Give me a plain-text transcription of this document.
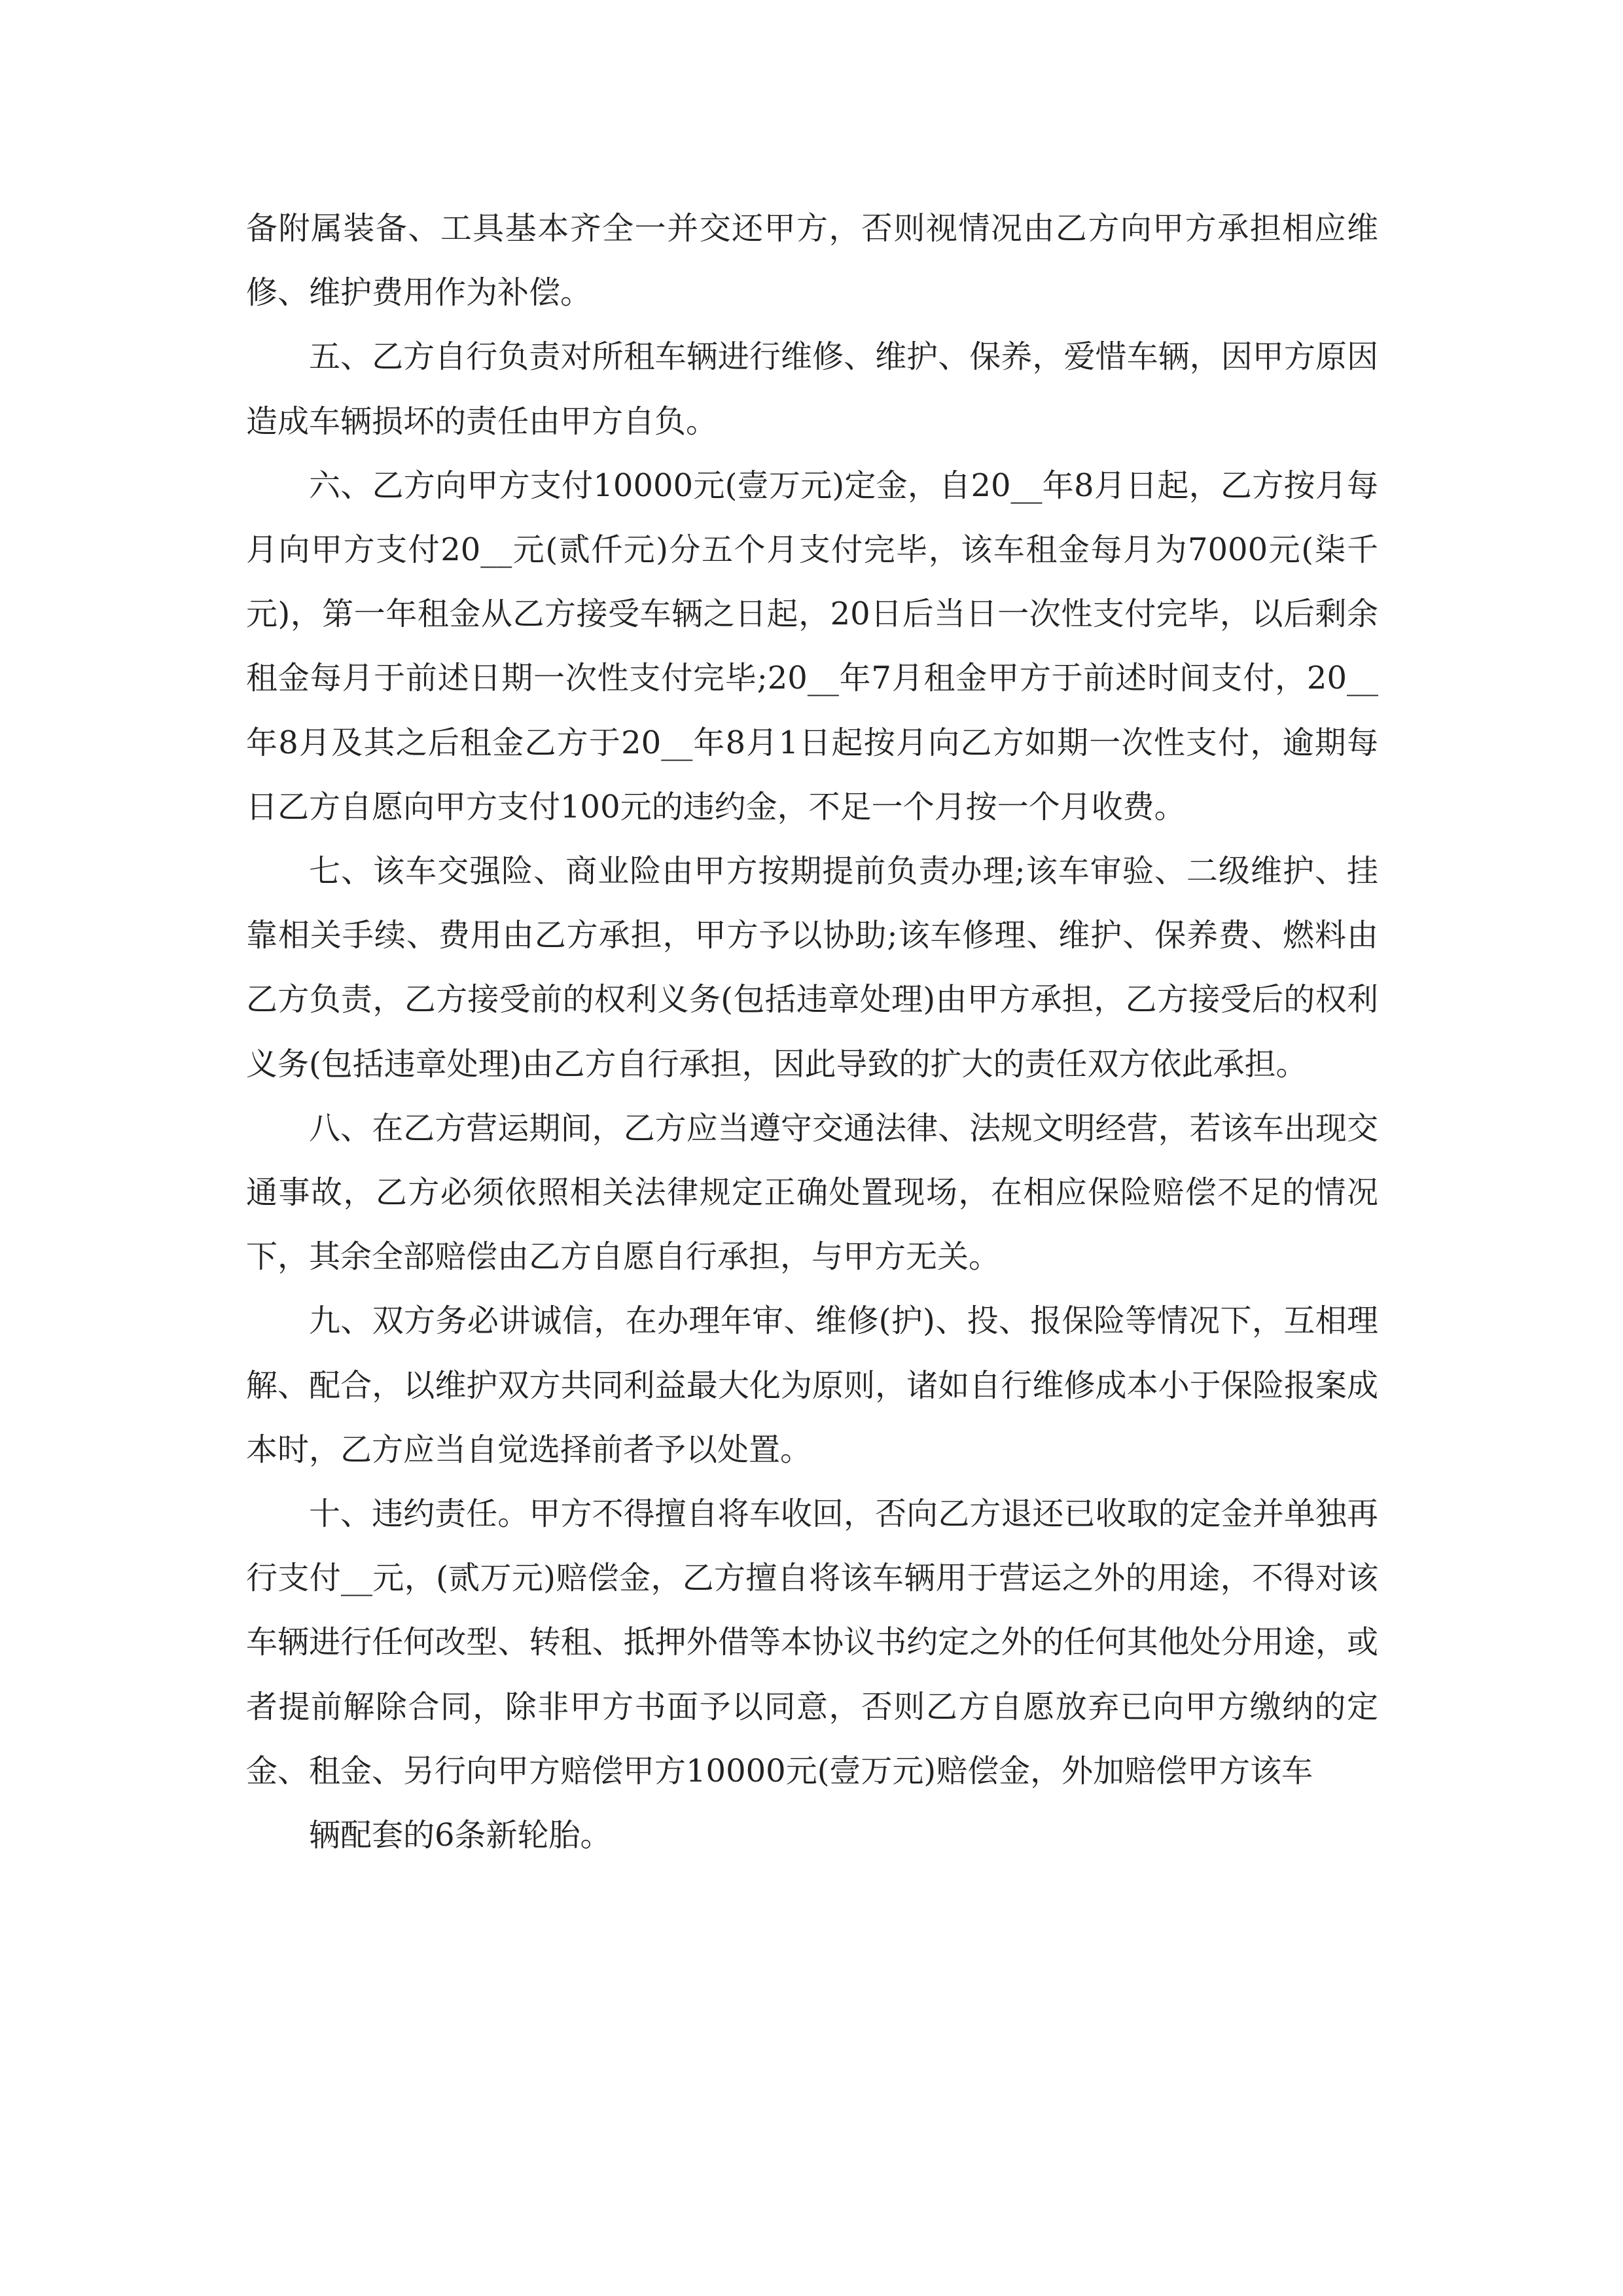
备附属装备、工具基本齐全一并交还甲方，否则视情况由乙方向甲方承担相应维修、维护费用作为补偿。

五、乙方自行负责对所租车辆进行维修、维护、保养，爱惜车辆，因甲方原因造成车辆损坏的责任由甲方自负。

六、乙方向甲方支付10000元(壹万元)定金，自20__年8月日起，乙方按月每月向甲方支付20__元(贰仟元)分五个月支付完毕，该车租金每月为7000元(柒千元)，第一年租金从乙方接受车辆之日起，20日后当日一次性支付完毕，以后剩余租金每月于前述日期一次性支付完毕;20__年7月租金甲方于前述时间支付，20__年8月及其之后租金乙方于20__年8月1日起按月向乙方如期一次性支付，逾期每日乙方自愿向甲方支付100元的违约金，不足一个月按一个月收费。

七、该车交强险、商业险由甲方按期提前负责办理;该车审验、二级维护、挂靠相关手续、费用由乙方承担，甲方予以协助;该车修理、维护、保养费、燃料由乙方负责，乙方接受前的权利义务(包括违章处理)由甲方承担，乙方接受后的权利义务(包括违章处理)由乙方自行承担，因此导致的扩大的责任双方依此承担。

八、在乙方营运期间，乙方应当遵守交通法律、法规文明经营，若该车出现交通事故，乙方必须依照相关法律规定正确处置现场，在相应保险赔偿不足的情况下，其余全部赔偿由乙方自愿自行承担，与甲方无关。

九、双方务必讲诚信，在办理年审、维修(护)、投、报保险等情况下，互相理解、配合，以维护双方共同利益最大化为原则，诸如自行维修成本小于保险报案成本时，乙方应当自觉选择前者予以处置。

十、违约责任。甲方不得擅自将车收回，否向乙方退还已收取的定金并单独再行支付__元，(贰万元)赔偿金，乙方擅自将该车辆用于营运之外的用途，不得对该车辆进行任何改型、转租、抵押外借等本协议书约定之外的任何其他处分用途，或者提前解除合同，除非甲方书面予以同意，否则乙方自愿放弃已向甲方缴纳的定金、租金、另行向甲方赔偿甲方10000元(壹万元)赔偿金，外加赔偿甲方该车

辆配套的6条新轮胎。
